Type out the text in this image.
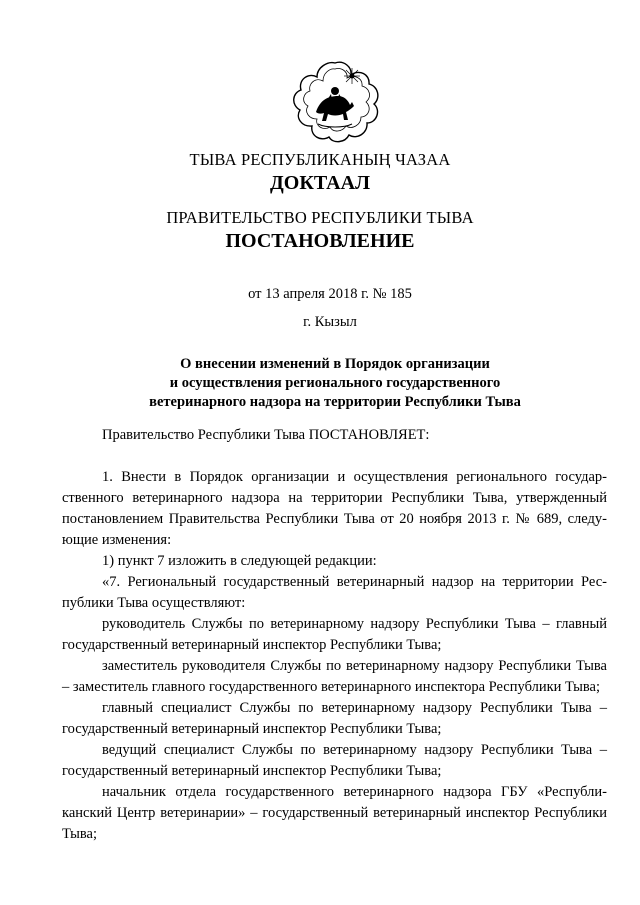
ТЫВА РЕСПУБЛИКАНЫҢ ЧАЗАА
ДОКТААЛ
ПРАВИТЕЛЬСТВО РЕСПУБЛИКИ ТЫВА
ПОСТАНОВЛЕНИЕ
от 13 апреля 2018 г. № 185
г. Кызыл
О внесении изменений в Порядок организации
и осуществления регионального государственного
ветеринарного надзора на территории Республики Тыва
Правительство Республики Тыва ПОСТАНОВЛЯЕТ:
1. Внести в Порядок организации и осуществления регионального государственного ветеринарного надзора на территории Республики Тыва, утвержденный постановлением Правительства Республики Тыва от 20 ноября 2013 г. № 689, следующие изменения:
1) пункт 7 изложить в следующей редакции:
«7. Региональный государственный ветеринарный надзор на территории Республики Тыва осуществляют:
руководитель Службы по ветеринарному надзору Республики Тыва – главный государственный ветеринарный инспектор Республики Тыва;
заместитель руководителя Службы по ветеринарному надзору Республики Тыва – заместитель главного государственного ветеринарного инспектора Республики Тыва;
главный специалист Службы по ветеринарному надзору Республики Тыва – государственный ветеринарный инспектор Республики Тыва;
ведущий специалист Службы по ветеринарному надзору Республики Тыва – государственный ветеринарный инспектор Республики Тыва;
начальник отдела государственного ветеринарного надзора ГБУ «Республиканский Центр ветеринарии» – государственный ветеринарный инспектор Республики Тыва;
